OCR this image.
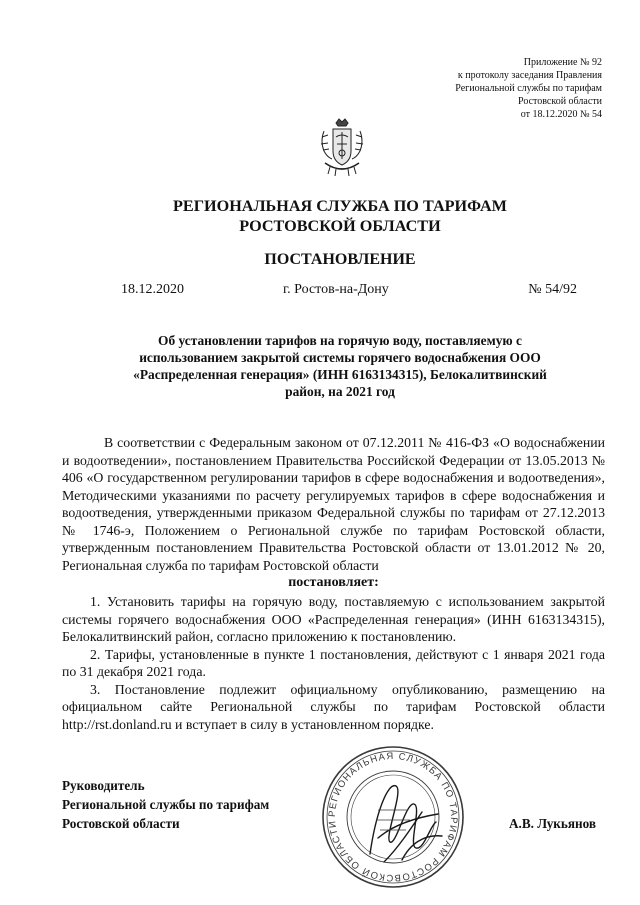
Приложение № 92
к протоколу заседания Правления
Региональной службы по тарифам
Ростовской области
от 18.12.2020 № 54
РЕГИОНАЛЬНАЯ СЛУЖБА ПО ТАРИФАМ
РОСТОВСКОЙ ОБЛАСТИ
ПОСТАНОВЛЕНИЕ
18.12.2020	г. Ростов-на-Дону	№ 54/92
Об установлении тарифов на горячую воду, поставляемую с
использованием закрытой системы горячего водоснабжения ООО
«Распределенная генерация» (ИНН 6163134315), Белокалитвинский
район, на 2021 год
В соответствии с Федеральным законом от 07.12.2011 № 416-ФЗ «О водоснабжении и водоотведении», постановлением Правительства Российской Федерации от 13.05.2013 № 406 «О государственном регулировании тарифов в сфере водоснабжения и водоотведения», Методическими указаниями по расчету регулируемых тарифов в сфере водоснабжения и водоотведения, утвержденными приказом Федеральной службы по тарифам от 27.12.2013 № 1746-э, Положением о Региональной службе по тарифам Ростовской области, утвержденным постановлением Правительства Ростовской области от 13.01.2012 № 20, Региональная служба по тарифам Ростовской области
постановляет:

1. Установить тарифы на горячую воду, поставляемую с использованием закрытой системы горячего водоснабжения ООО «Распределенная генерация» (ИНН 6163134315), Белокалитвинский район, согласно приложению к постановлению.

2. Тарифы, установленные в пункте 1 постановления, действуют с 1 января 2021 года по 31 декабря 2021 года.

3. Постановление подлежит официальному опубликованию, размещению на официальном сайте Региональной службы по тарифам Ростовской области http://rst.donland.ru и вступает в силу в установленном порядке.

Руководитель
Региональной службы по тарифам
Ростовской области
РЕГИОНАЛЬНАЯ СЛУЖБА ПО ТАРИФАМ РОСТОВСКОЙ ОБЛАСТИ	А.В. Лукьянов
